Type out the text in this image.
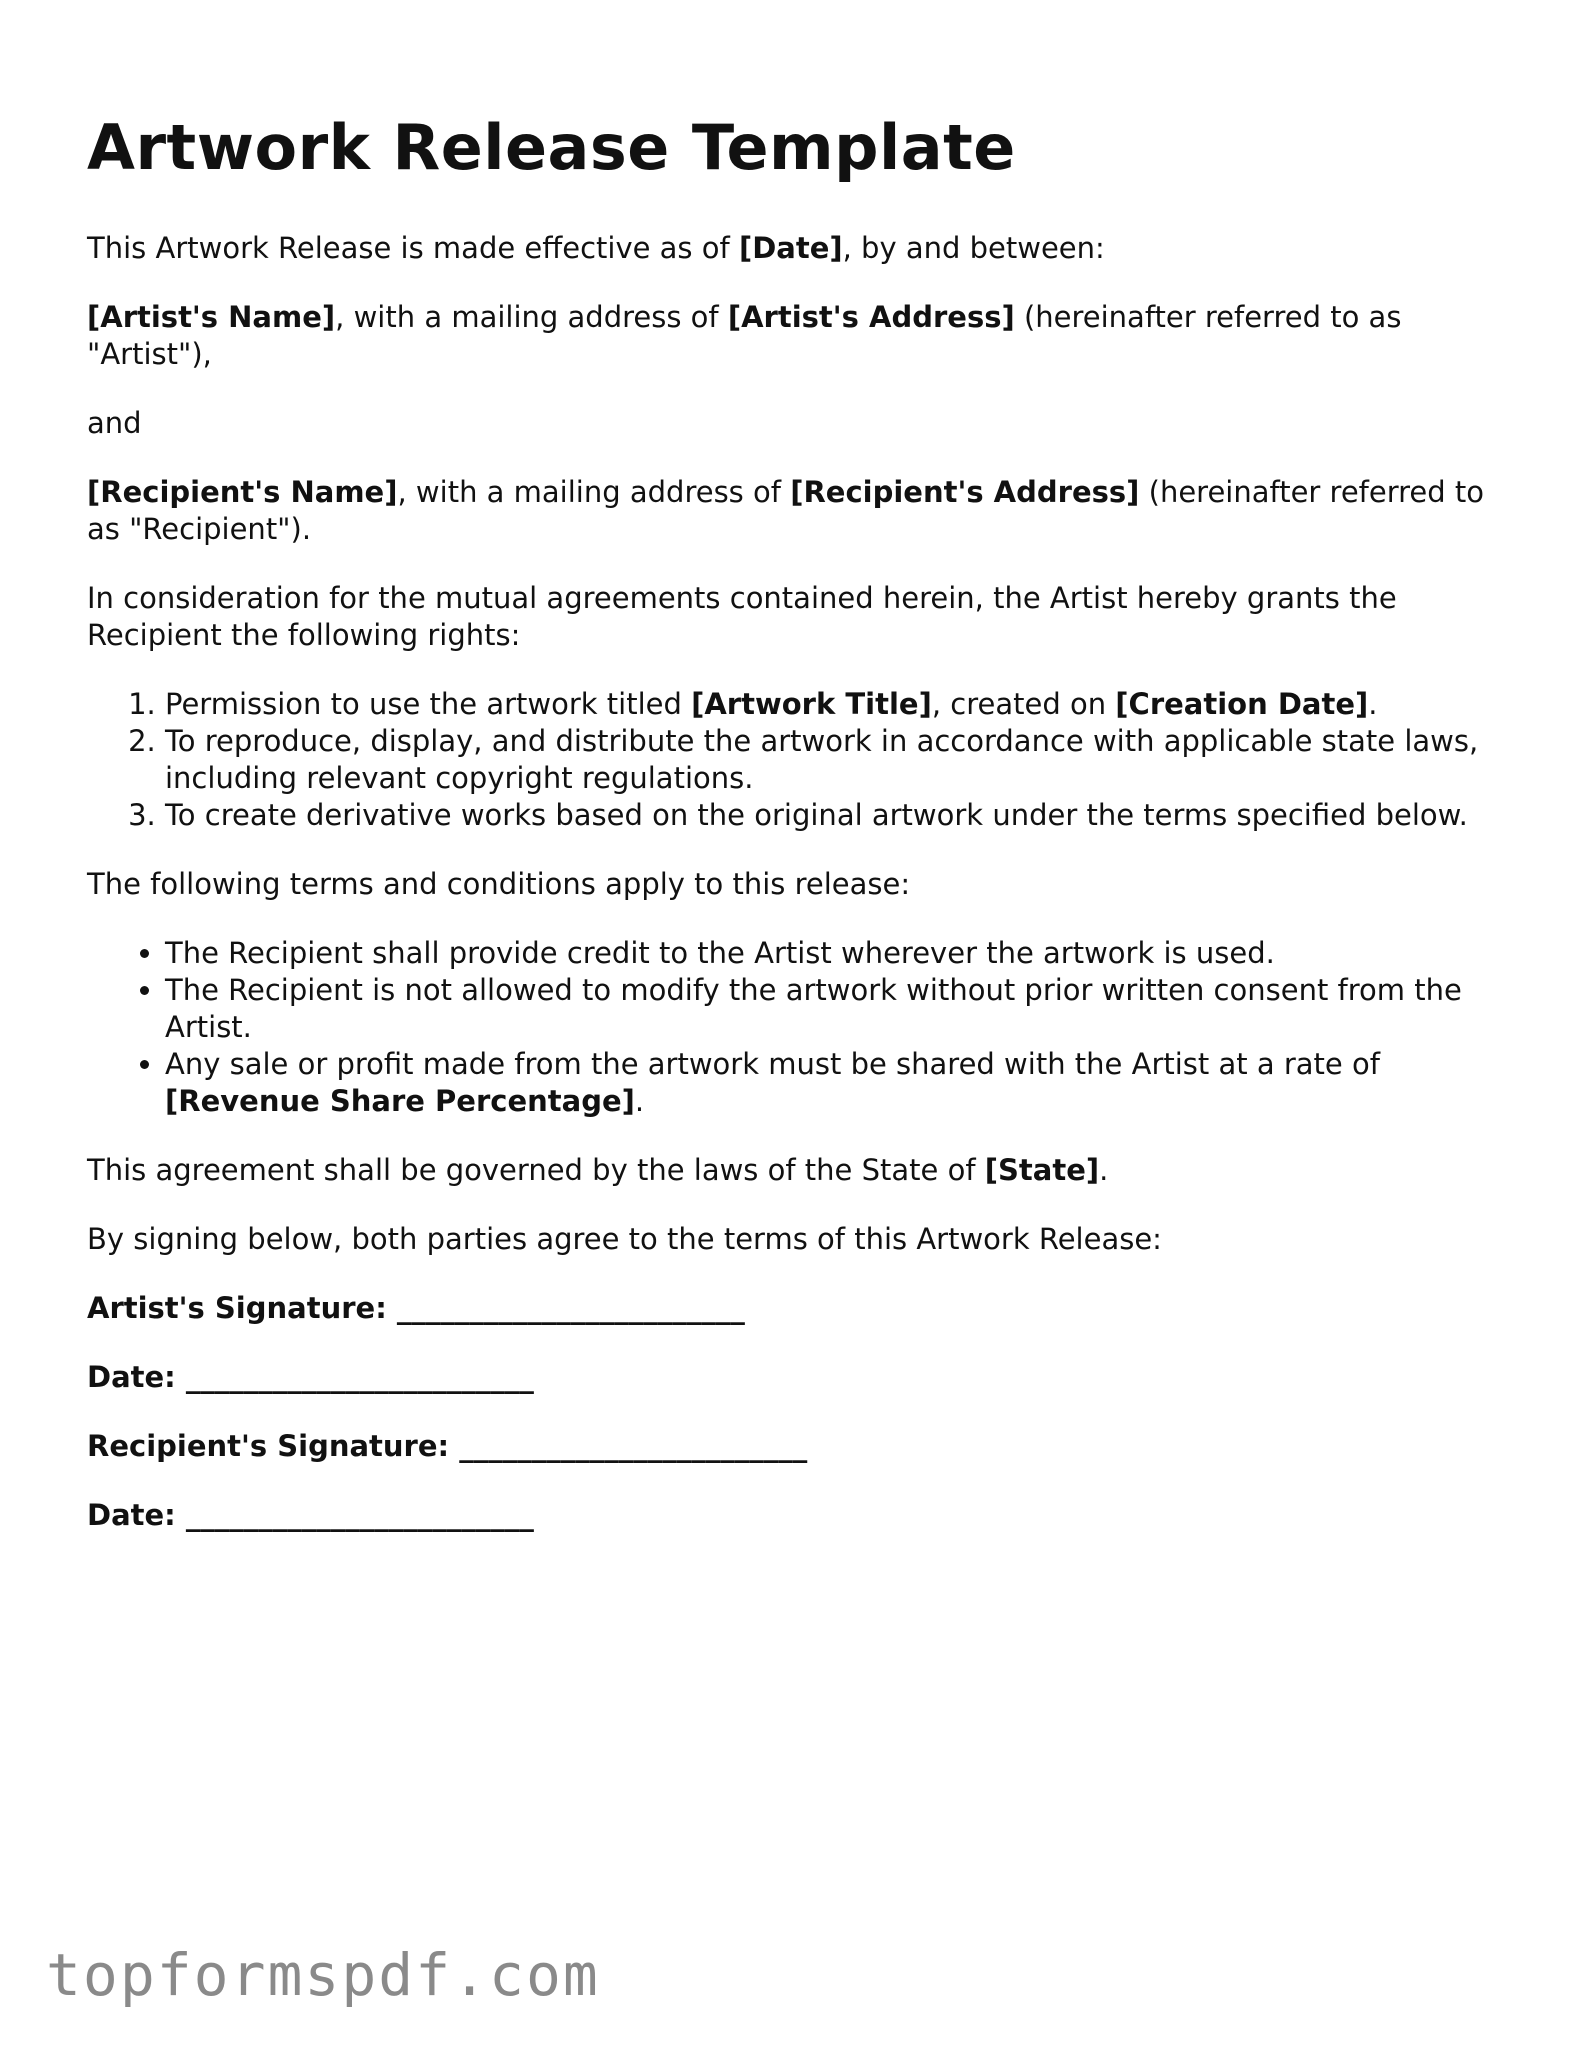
Artwork Release Template

This Artwork Release is made effective as of [Date], by and between:

[Artist's Name], with a mailing address of [Artist's Address] (hereinafter referred to as "Artist"),

and

[Recipient's Name], with a mailing address of [Recipient's Address] (hereinafter referred to as "Recipient").

In consideration for the mutual agreements contained herein, the Artist hereby grants the Recipient the following rights:

1. Permission to use the artwork titled [Artwork Title], created on [Creation Date].
2. To reproduce, display, and distribute the artwork in accordance with applicable state laws, including relevant copyright regulations.
3. To create derivative works based on the original artwork under the terms specified below.

The following terms and conditions apply to this release:

• The Recipient shall provide credit to the Artist wherever the artwork is used.
• The Recipient is not allowed to modify the artwork without prior written consent from the Artist.
• Any sale or profit made from the artwork must be shared with the Artist at a rate of [Revenue Share Percentage].

This agreement shall be governed by the laws of the State of [State].

By signing below, both parties agree to the terms of this Artwork Release:

Artist's Signature: ________________________

Date: ________________________

Recipient's Signature: ________________________

Date: ________________________

topformspdf.com
